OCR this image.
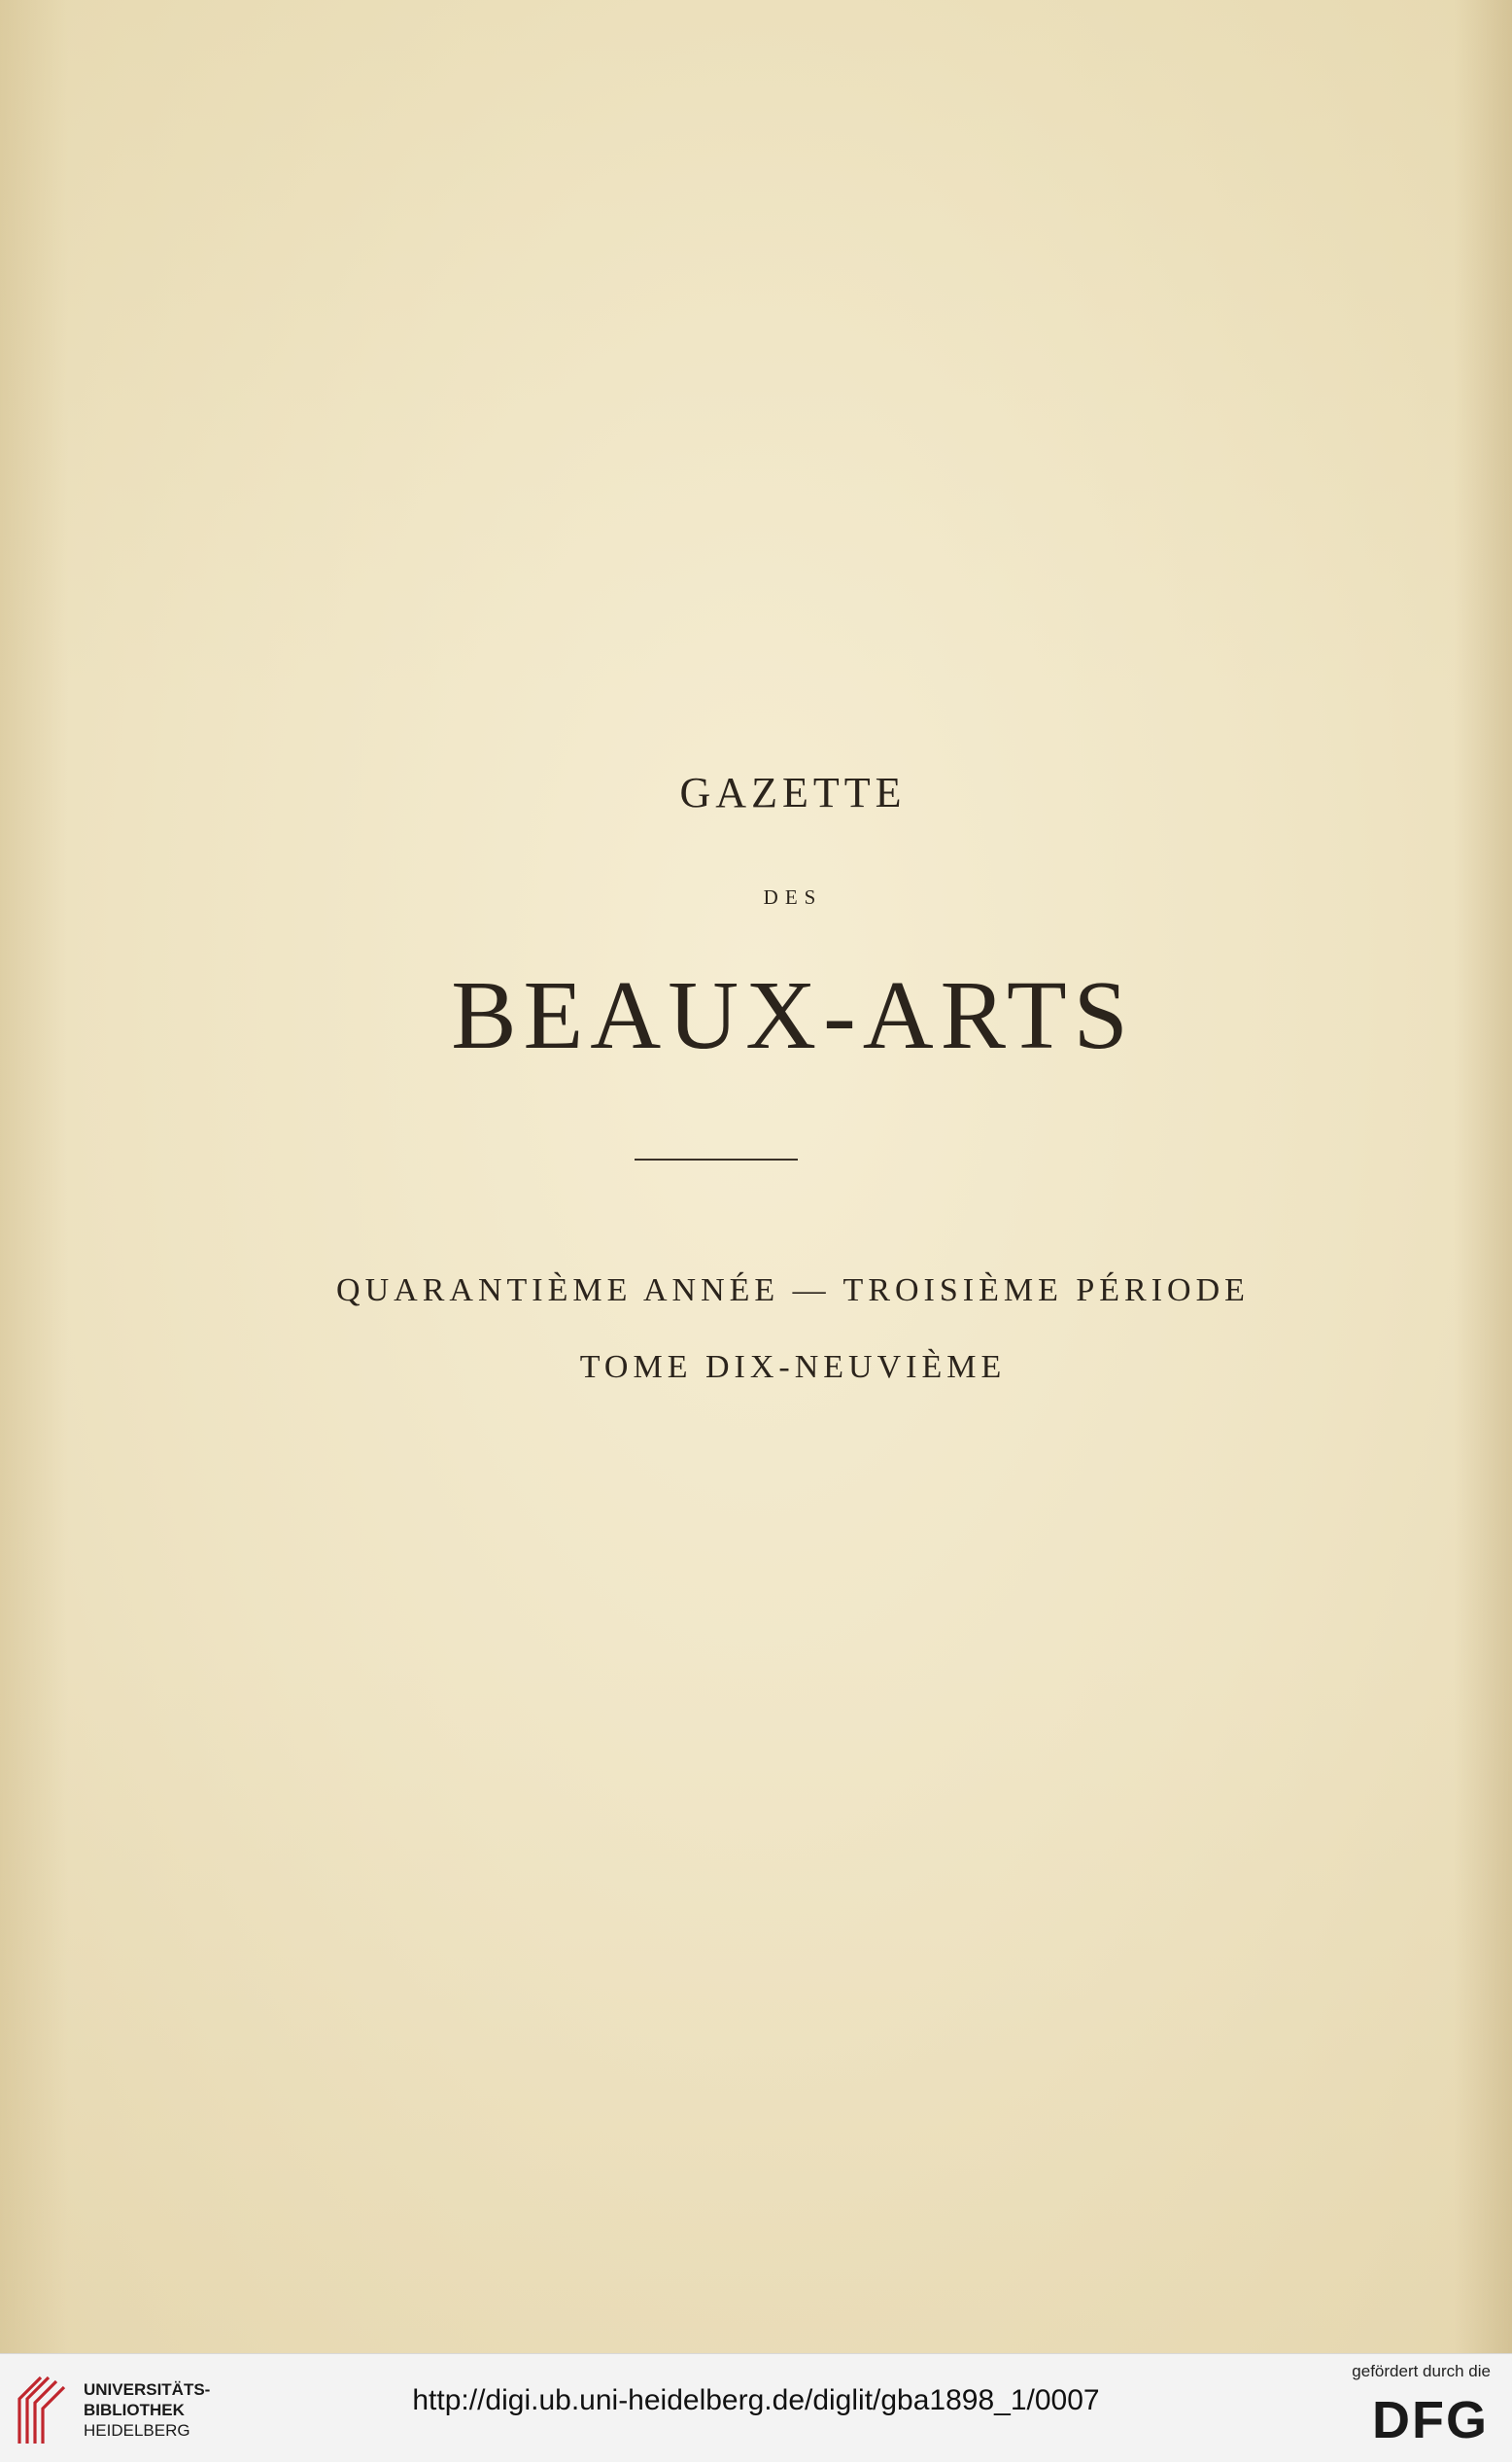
GAZETTE
DES
BEAUX-ARTS
QUARANTIÈME ANNÉE — TROISIÈME PÉRIODE
TOME DIX-NEUVIÈME
UNIVERSITÄTS-
BIBLIOTHEK
HEIDELBERG
http://digi.ub.uni-heidelberg.de/diglit/gba1898_1/0007
gefördert durch die
DFG
